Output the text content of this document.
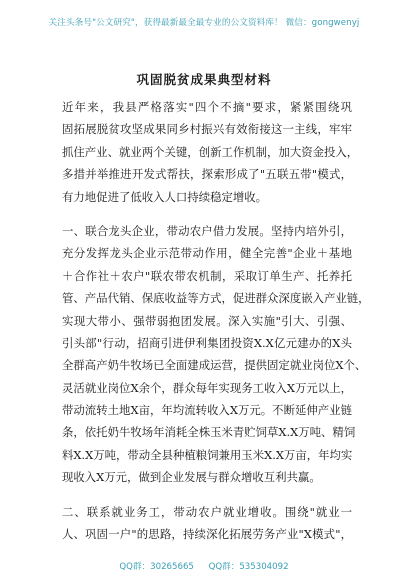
关注头条号"公文研究"，获得最新最全最专业的公文资料库！ 微信：gongwenyj
巩固脱贫成果典型材料
近年来，我县严格落实"四个不摘"要求，紧紧围绕巩
固拓展脱贫攻坚成果同乡村振兴有效衔接这一主线，牢牢
抓住产业、就业两个关键，创新工作机制，加大资金投入，
多措并举推进开发式帮扶，探索形成了"五联五带"模式，
有力地促进了低收入人口持续稳定增收。
一、联合龙头企业，带动农户借力发展。坚持内培外引，
充分发挥龙头企业示范带动作用，健全完善"企业＋基地
＋合作社＋农户"联农带农机制，采取订单生产、托养托
管、产品代销、保底收益等方式，促进群众深度嵌入产业链，
实现大带小、强带弱抱团发展。深入实施"引大、引强、
引头部"行动，招商引进伊利集团投资X.X亿元建办的X头
全群高产奶牛牧场已全面建成运营，提供固定就业岗位X个、
灵活就业岗位X余个，群众每年实现务工收入X万元以上，
带动流转土地X亩，年均流转收入X万元。不断延伸产业链
条，依托奶牛牧场年消耗全株玉米青贮饲草X.X万吨、精饲
料X.X万吨，带动全县种植粮饲兼用玉米X.X万亩，年均实
现收入X万元，做到企业发展与群众增收互利共赢。
二、联系就业务工，带动农户就业增收。围绕"就业一
人、巩固一户"的思路，持续深化拓展劳务产业"X模式"，
QQ群：30265665 QQ群：535304092
